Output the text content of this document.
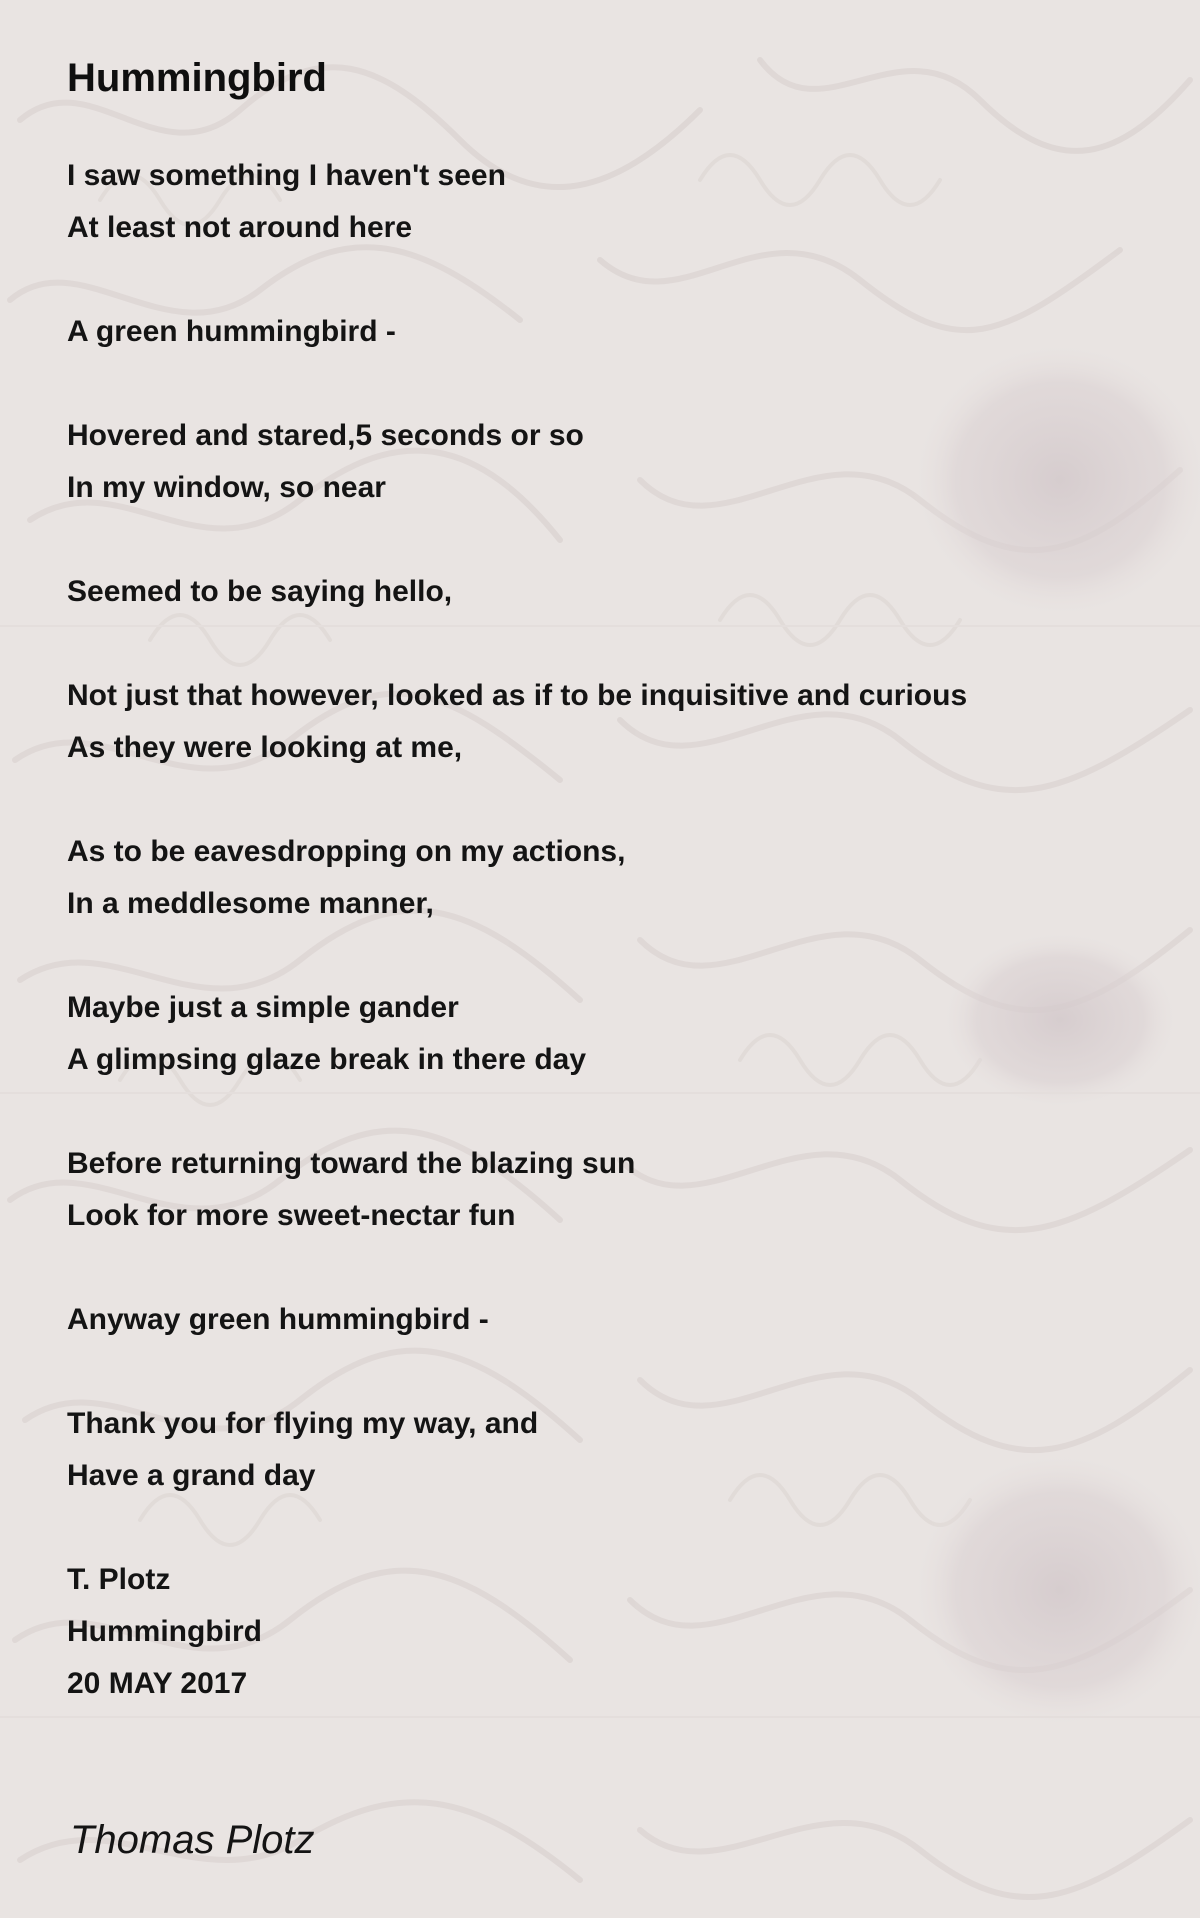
Hummingbird
I saw something I haven't seen
At least not around here
A green hummingbird -
Hovered and stared,5 seconds or so
In my window, so near
Seemed to be saying hello,
Not just that however, looked as if to be inquisitive and curious
As they were looking at me,
As to be eavesdropping on my actions,
In a meddlesome manner,
Maybe just a simple gander
A glimpsing glaze break in there day
Before returning toward the blazing sun
Look for more sweet-nectar fun
Anyway green hummingbird -
Thank you for flying my way, and
Have a grand day
T. Plotz
Hummingbird
20 MAY 2017
Thomas Plotz
